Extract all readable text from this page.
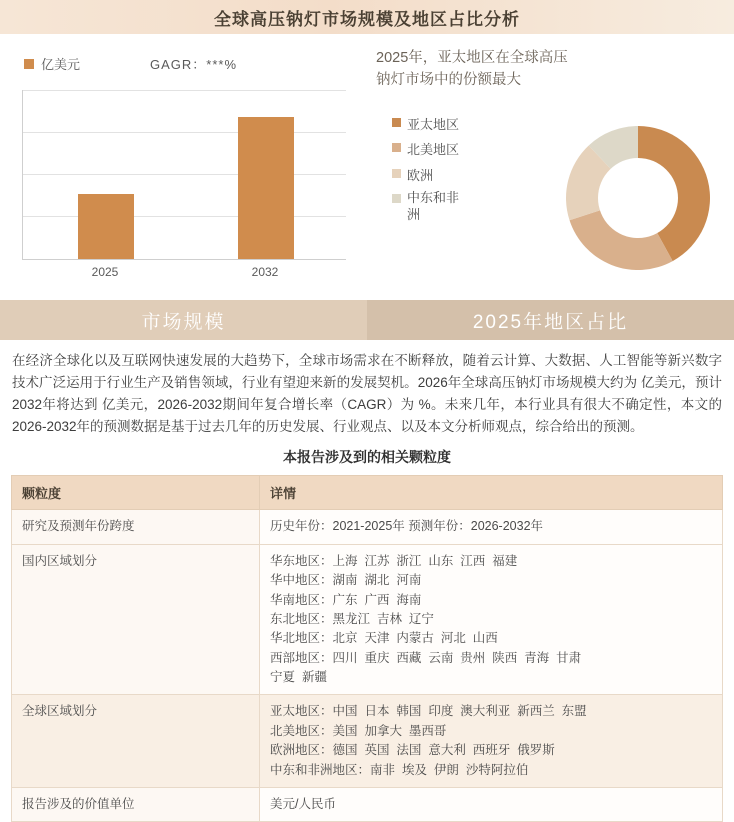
全球高压钠灯市场规模及地区占比分析
亿美元	GAGR：***%
2025	2032
2025年，亚太地区在全球高压钠灯市场中的份额最大
亚太地区
北美地区
欧洲
中东和非洲
市场规模	2025年地区占比
在经济全球化以及互联网快速发展的大趋势下，全球市场需求在不断释放，随着云计算、大数据、人工智能等新兴数字技术广泛运用于行业生产及销售领域，行业有望迎来新的发展契机。2026年全球高压钠灯市场规模大约为 亿美元，预计2032年将达到 亿美元，2026-2032期间年复合增长率（CAGR）为 %。未来几年，本行业具有很大不确定性，本文的2026-2032年的预测数据是基于过去几年的历史发展、行业观点、以及本文分析师观点，综合给出的预测。
本报告涉及到的相关颗粒度
颗粒度	详情
研究及预测年份跨度	历史年份：2021-2025年 预测年份：2026-2032年

国内区域划分	华东地区：上海  江苏  浙江  山东  江西  福建
华中地区：湖南  湖北  河南
华南地区：广东  广西  海南
东北地区：黑龙江  吉林  辽宁
华北地区：北京  天津  内蒙古  河北  山西
西部地区：四川  重庆  西藏  云南  贵州  陕西  青海  甘肃
宁夏  新疆

全球区域划分	亚太地区：中国  日本  韩国  印度  澳大利亚  新西兰  东盟
北美地区：美国  加拿大  墨西哥
欧洲地区：德国  英国  法国  意大利  西班牙  俄罗斯
中东和非洲地区：南非  埃及  伊朗  沙特阿拉伯

报告涉及的价值单位	美元/人民币
